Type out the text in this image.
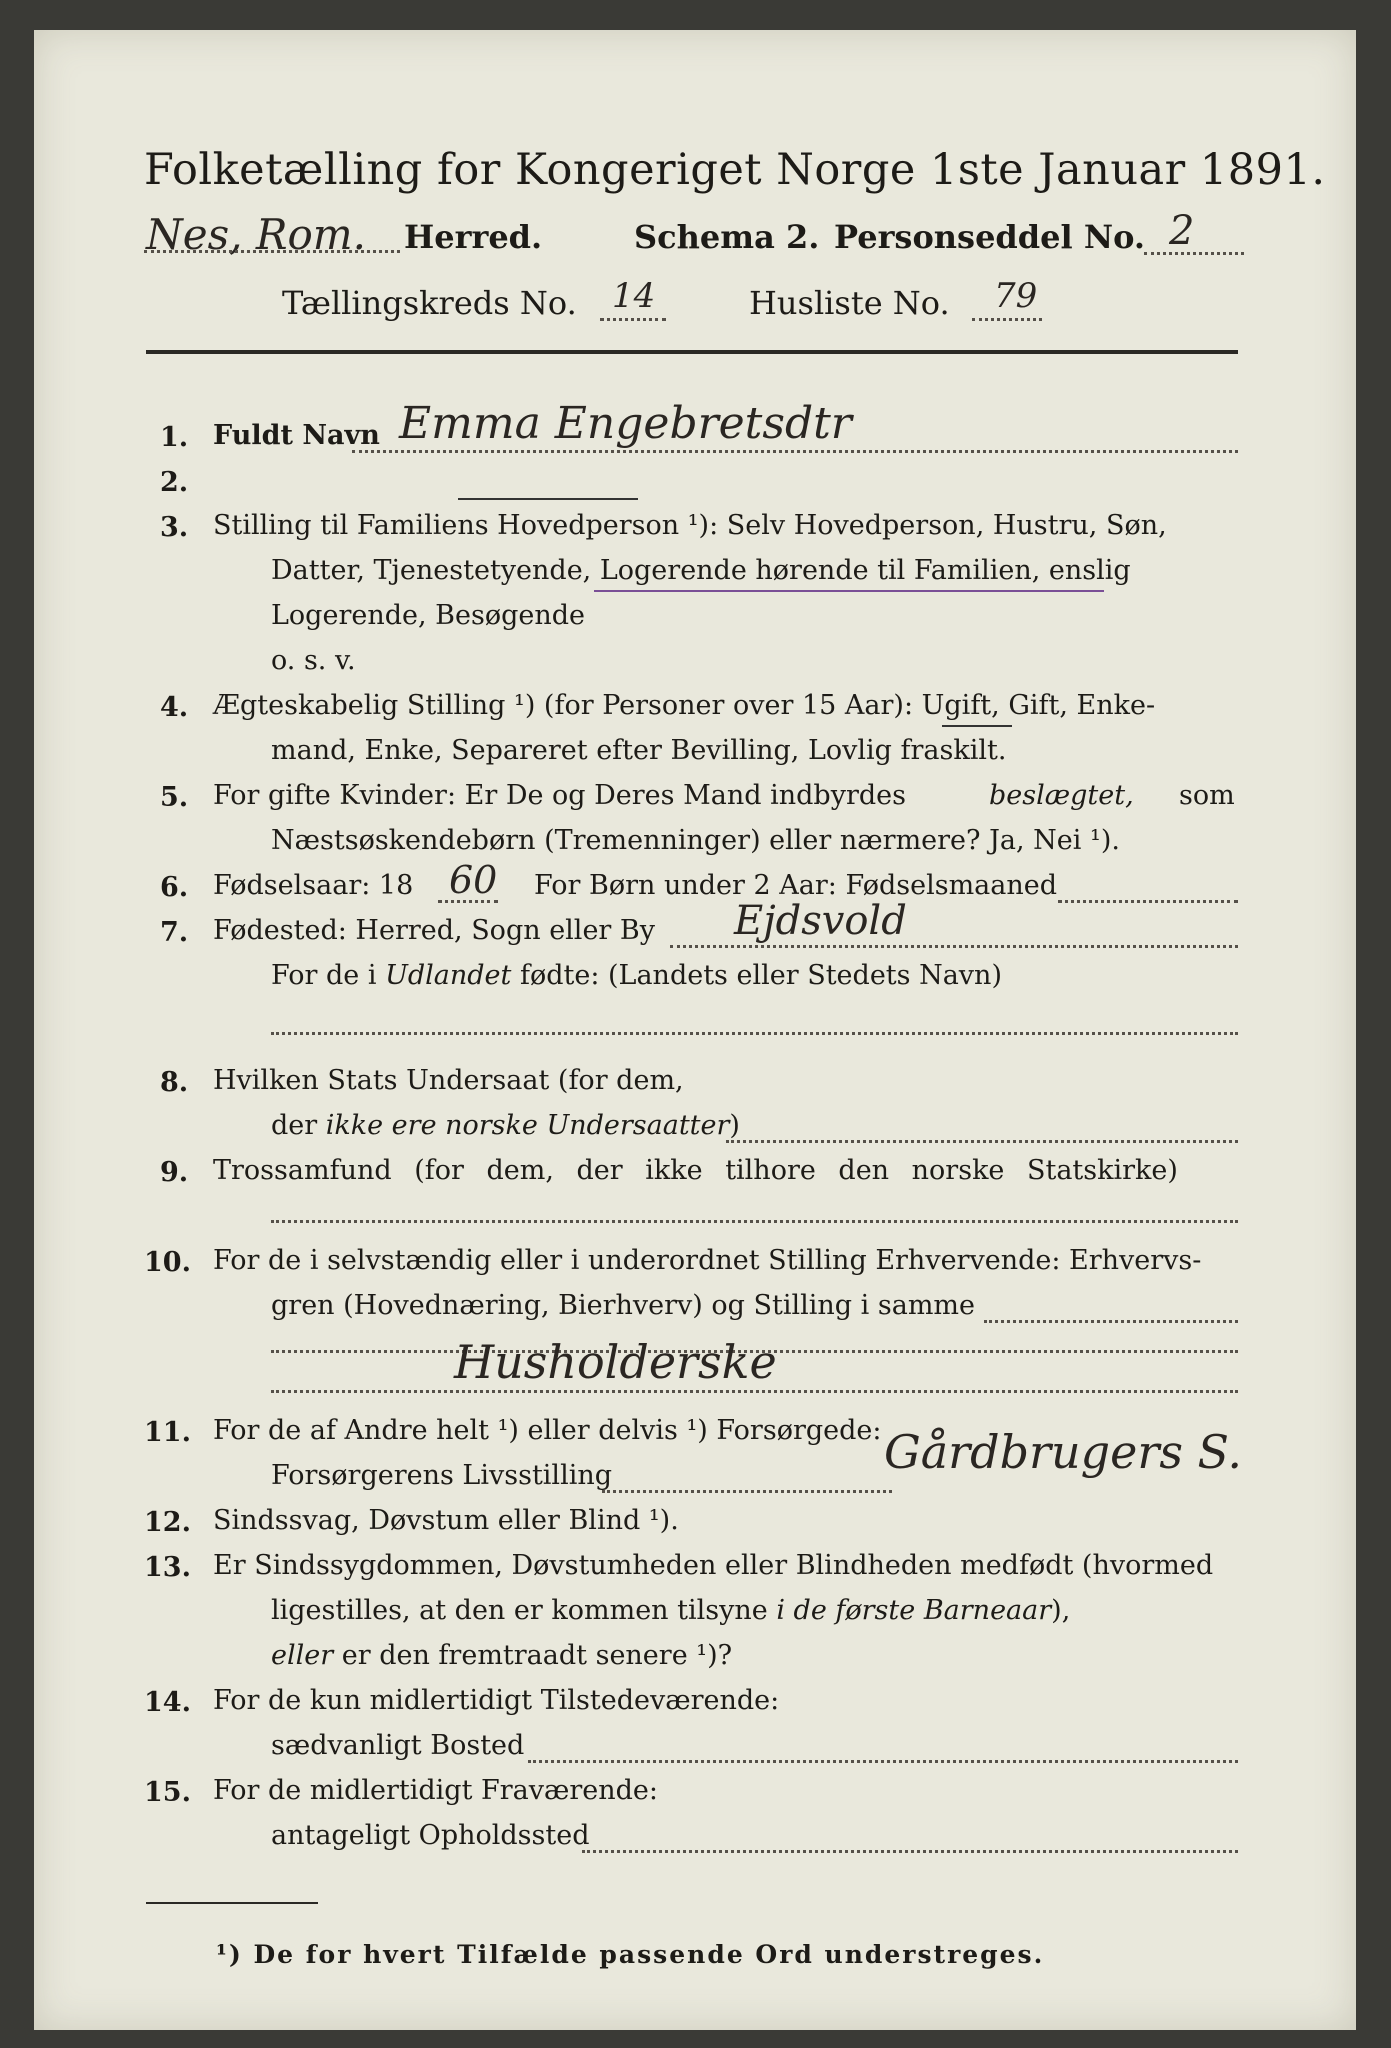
Folketælling for Kongeriget Norge 1ste Januar 1891.
Nes, Rom. Herred.	Schema 2. Personseddel No. 2
Tællingskreds No. 14	Husliste No. 79
1. Fuldt Navn Emma Engebretsdtr
2.
3. Stilling til Familiens Hovedperson ¹): Selv Hovedperson, Hustru, Søn,
Datter, Tjenestetyende, Logerende hørende til Familien, enslig
Logerende, Besøgende
o. s. v.
4. Ægteskabelig Stilling ¹) (for Personer over 15 Aar): Ugift, Gift, Enke-
mand, Enke, Separeret efter Bevilling, Lovlig fraskilt.
5. For gifte Kvinder: Er De og Deres Mand indbyrdes	beslægtet, som
Næstsøskendebørn (Tremenninger) eller nærmere? Ja, Nei ¹).
6. Fødselsaar: 18 60 For Børn under 2 Aar: Fødselsmaaned
7. Fødested: Herred, Sogn eller By Ejdsvold
For de i Udlandet fødte: (Landets eller Stedets Navn)
8. Hvilken Stats Undersaat (for dem,
der ikke ere norske Undersaatter)
9. Trossamfund (for dem, der ikke tilhore den norske Statskirke)
10. For de i selvstændig eller i underordnet Stilling Erhvervende: Erhvervs-
gren (Hovednæring, Bierhverv) og Stilling i samme
Husholderske
11. For de af Andre helt ¹) eller delvis ¹) Forsørgede:
Forsørgerens Livsstilling	Gårdbrugers S.
12. Sindssvag, Døvstum eller Blind ¹).
13. Er Sindssygdommen, Døvstumheden eller Blindheden medfødt (hvormed
ligestilles, at den er kommen tilsyne i de første Barneaar),
eller er den fremtraadt senere ¹)?
14. For de kun midlertidigt Tilstedeværende:
sædvanligt Bosted
15. For de midlertidigt Fraværende:
antageligt Opholdssted
¹) De for hvert Tilfælde passende Ord understreges.
